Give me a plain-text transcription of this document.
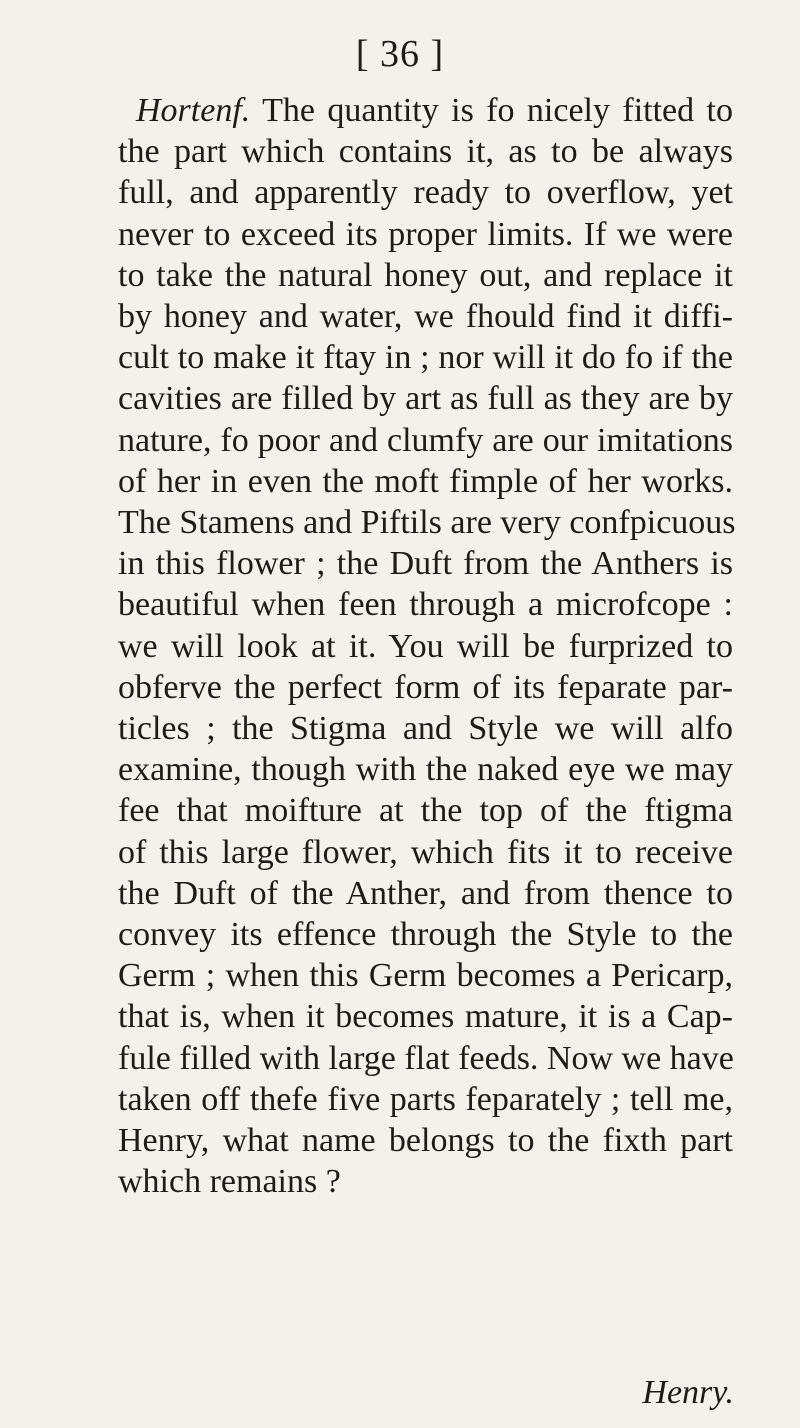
[ 36 ]
Hortenf. The quantity is fo nicely fitted to
the part which contains it, as to be always
full, and apparently ready to overflow, yet
never to exceed its proper limits. If we were
to take the natural honey out, and replace it
by honey and water, we fhould find it diffi-
cult to make it ftay in ; nor will it do fo if the
cavities are filled by art as full as they are by
nature, fo poor and clumfy are our imitations
of her in even the moft fimple of her works.
The Stamens and Piftils are very confpicuous
in this flower ; the Duft from the Anthers is
beautiful when feen through a microfcope :
we will look at it. You will be furprized to
obferve the perfect form of its feparate par-
ticles ; the Stigma and Style we will alfo
examine, though with the naked eye we may
fee that moifture at the top of the ftigma
of this large flower, which fits it to receive
the Duft of the Anther, and from thence to
convey its effence through the Style to the
Germ ; when this Germ becomes a Pericarp,
that is, when it becomes mature, it is a Cap-
fule filled with large flat feeds. Now we have
taken off thefe five parts feparately ; tell me,
Henry, what name belongs to the fixth part
which remains ?
Henry.
